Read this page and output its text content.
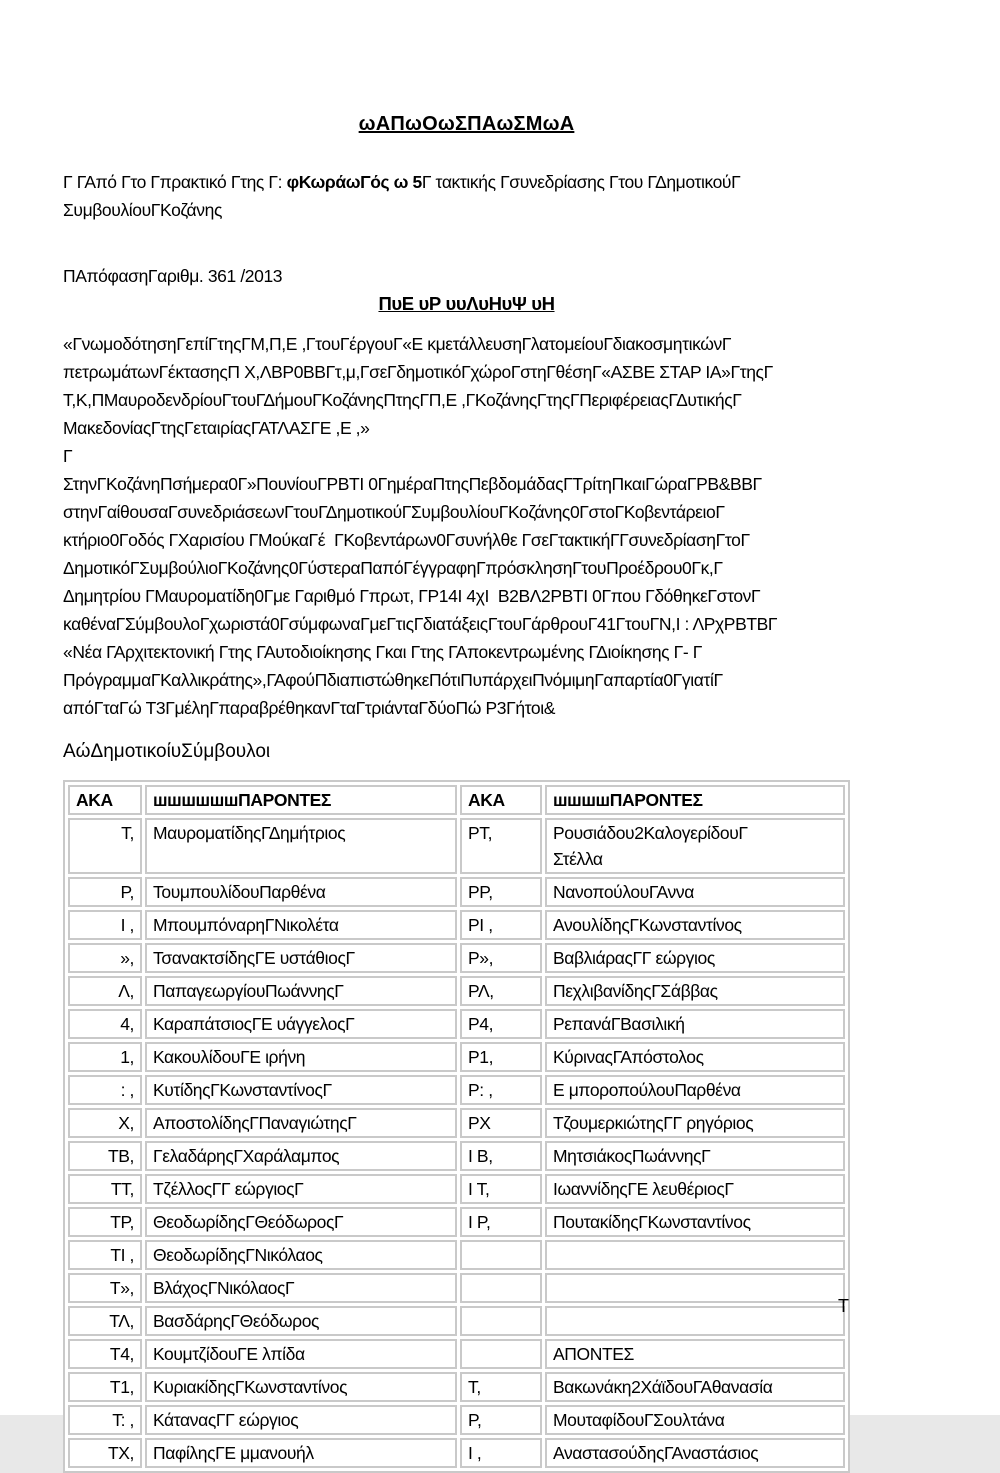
ωΑΠωΟωΣΠΑωΣΜωΑ

Γ ΓΑπό Γτο Γπρακτικό Γτης Γ: φΚωράωΓός ω 5Γ τακτικής Γσυνεδρίασης Γτου ΓΔημοτικούΓ
ΣυμβουλίουΓΚοζάνης

ΠΑπόφασηΓαριθμ. 361 /2013

ΠυΕ υΡ υυΛυΗυΨ υΗ
«ΓνωμοδότησηΓεπίΓτηςΓΜ,Π,Ε ,ΓτουΓέργουΓ«Ε κμετάλλευσηΓλατομείουΓδιακοσμητικώνΓ
πετρωμάτωνΓέκτασηςΠ Χ,ΛΒΡ0ΒΒΓτ,μ,ΓσεΓδημοτικόΓχώροΓστηΓθέσηΓ«ΑΣΒΕ ΣΤΑΡ ΙΑ»ΓτηςΓ
Τ,Κ,ΠΜαυροδενδρίουΓτουΓΔήμουΓΚοζάνηςΠτηςΓΠ,Ε ,ΓΚοζάνηςΓτηςΓΠεριφέρειαςΓΔυτικήςΓ
ΜακεδονίαςΓτηςΓεταιρίαςΓΑΤΛΑΣΓΕ ,Ε ,»
Γ
ΣτηνΓΚοζάνηΠσήμερα0Γ»ΠουνίουΓΡΒΤΙ 0ΓημέραΠτηςΠεβδομάδαςΓΤρίτηΠκαιΓώραΓΡΒ&ΒΒΓ
στηνΓαίθουσαΓσυνεδριάσεωνΓτουΓΔημοτικούΓΣυμβουλίουΓΚοζάνης0ΓστοΓΚοβεντάρειοΓ
κτήριο0Γοδός ΓΧαρισίου ΓΜούκαΓέ  ΓΚοβεντάρων0Γσυνήλθε ΓσεΓτακτικήΓΓσυνεδρίασηΓτοΓ
ΔημοτικόΓΣυμβούλιοΓΚοζάνης0ΓύστεραΠαπόΓέγγραφηΓπρόσκλησηΓτουΠροέδρου0Γκ,Γ
Δημητρίου ΓΜαυροματίδη0Γμε Γαριθμό Γπρωτ, ΓΡ14Ι 4χΙ  Β2ΒΛ2ΡΒΤΙ 0Γπου ΓδόθηκεΓστονΓ
καθέναΓΣύμβουλοΓχωριστά0ΓσύμφωναΓμεΓτιςΓδιατάξειςΓτουΓάρθρουΓ41ΓτουΓΝ,Ι : ΛΡχΡΒΤΒΓ
«Νέα ΓΑρχιτεκτονική Γτης ΓΑυτοδιοίκησης Γκαι Γτης ΓΑποκεντρωμένης ΓΔιοίκησης Γ- Γ
ΠρόγραμμαΓΚαλλικράτης»,ΓΑφούΠδιαπιστώθηκεΠότιΠυπάρχειΠνόμιμηΓαπαρτία0ΓγιατίΓ
απόΓταΓώ Τ3ΓμέληΓπαραβρέθηκανΓταΓτριάνταΓδύοΠώ Ρ3Γήτοι&
ΑώΔημοτικοίυΣύμβουλοι
ΑΚΑ	шшшшшшΠΑΡΟΝΤΕΣ	ΑΚΑ	шшшшΠΑΡΟΝΤΕΣ
Τ,	ΜαυροματίδηςΓΔημήτριος	ΡΤ,	Ρουσιάδου2ΚαλογερίδουΓ
Στέλλα
Ρ,	ΤουμπουλίδουΠαρθένα	ΡΡ,	ΝανοπούλουΓΑννα
Ι ,	ΜπουμπόναρηΓΝικολέτα	ΡΙ ,	ΑνουλίδηςΓΚωνσταντίνος
»,	ΤσανακτσίδηςΓΕ υστάθιοςΓ	Ρ»,	ΒαβλιάραςΓΓ εώργιος
Λ,	ΠαπαγεωργίουΠωάννηςΓ	ΡΛ,	ΠεχλιβανίδηςΓΣάββας
4,	ΚαραπάτσιοςΓΕ υάγγελοςΓ	Ρ4,	ΡεπανάΓΒασιλική
1,	ΚακουλίδουΓΕ ιρήνη	Ρ1,	ΚύριναςΓΑπόστολος
: ,	ΚυτίδηςΓΚωνσταντίνοςΓ	Ρ: ,	Ε μποροπούλουΠαρθένα
Χ,	ΑποστολίδηςΓΠαναγιώτηςΓ	ΡΧ	ΤζουμερκιώτηςΓΓ ρηγόριος
ΤΒ,	ΓελαδάρηςΓΧαράλαμπος	Ι Β,	ΜητσιάκοςΠωάννηςΓ
ΤΤ,	ΤζέλλοςΓΓ εώργιοςΓ	Ι Τ,	ΙωαννίδηςΓΕ λευθέριοςΓ
ΤΡ,	ΘεοδωρίδηςΓΘεόδωροςΓ	Ι Ρ,	ΠουτακίδηςΓΚωνσταντίνος
ΤΙ ,	ΘεοδωρίδηςΓΝικόλαος		
Τ»,	ΒλάχοςΓΝικόλαοςΓ		
ΤΛ,	ΒασδάρηςΓΘεόδωρος		
Τ4,	ΚουμτζίδουΓΕ λπίδα		ΑΠΟΝΤΕΣ
Τ1,	ΚυριακίδηςΓΚωνσταντίνος	Τ,	Βακωνάκη2ΧάϊδουΓΑθανασία
Τ: ,	ΚάταναςΓΓ εώργιος	Ρ,	ΜουταφίδουΓΣουλτάνα
ΤΧ,	ΠαφίληςΓΕ μμανουήλ	Ι ,	ΑναστασούδηςΓΑναστάσιος
Τ
